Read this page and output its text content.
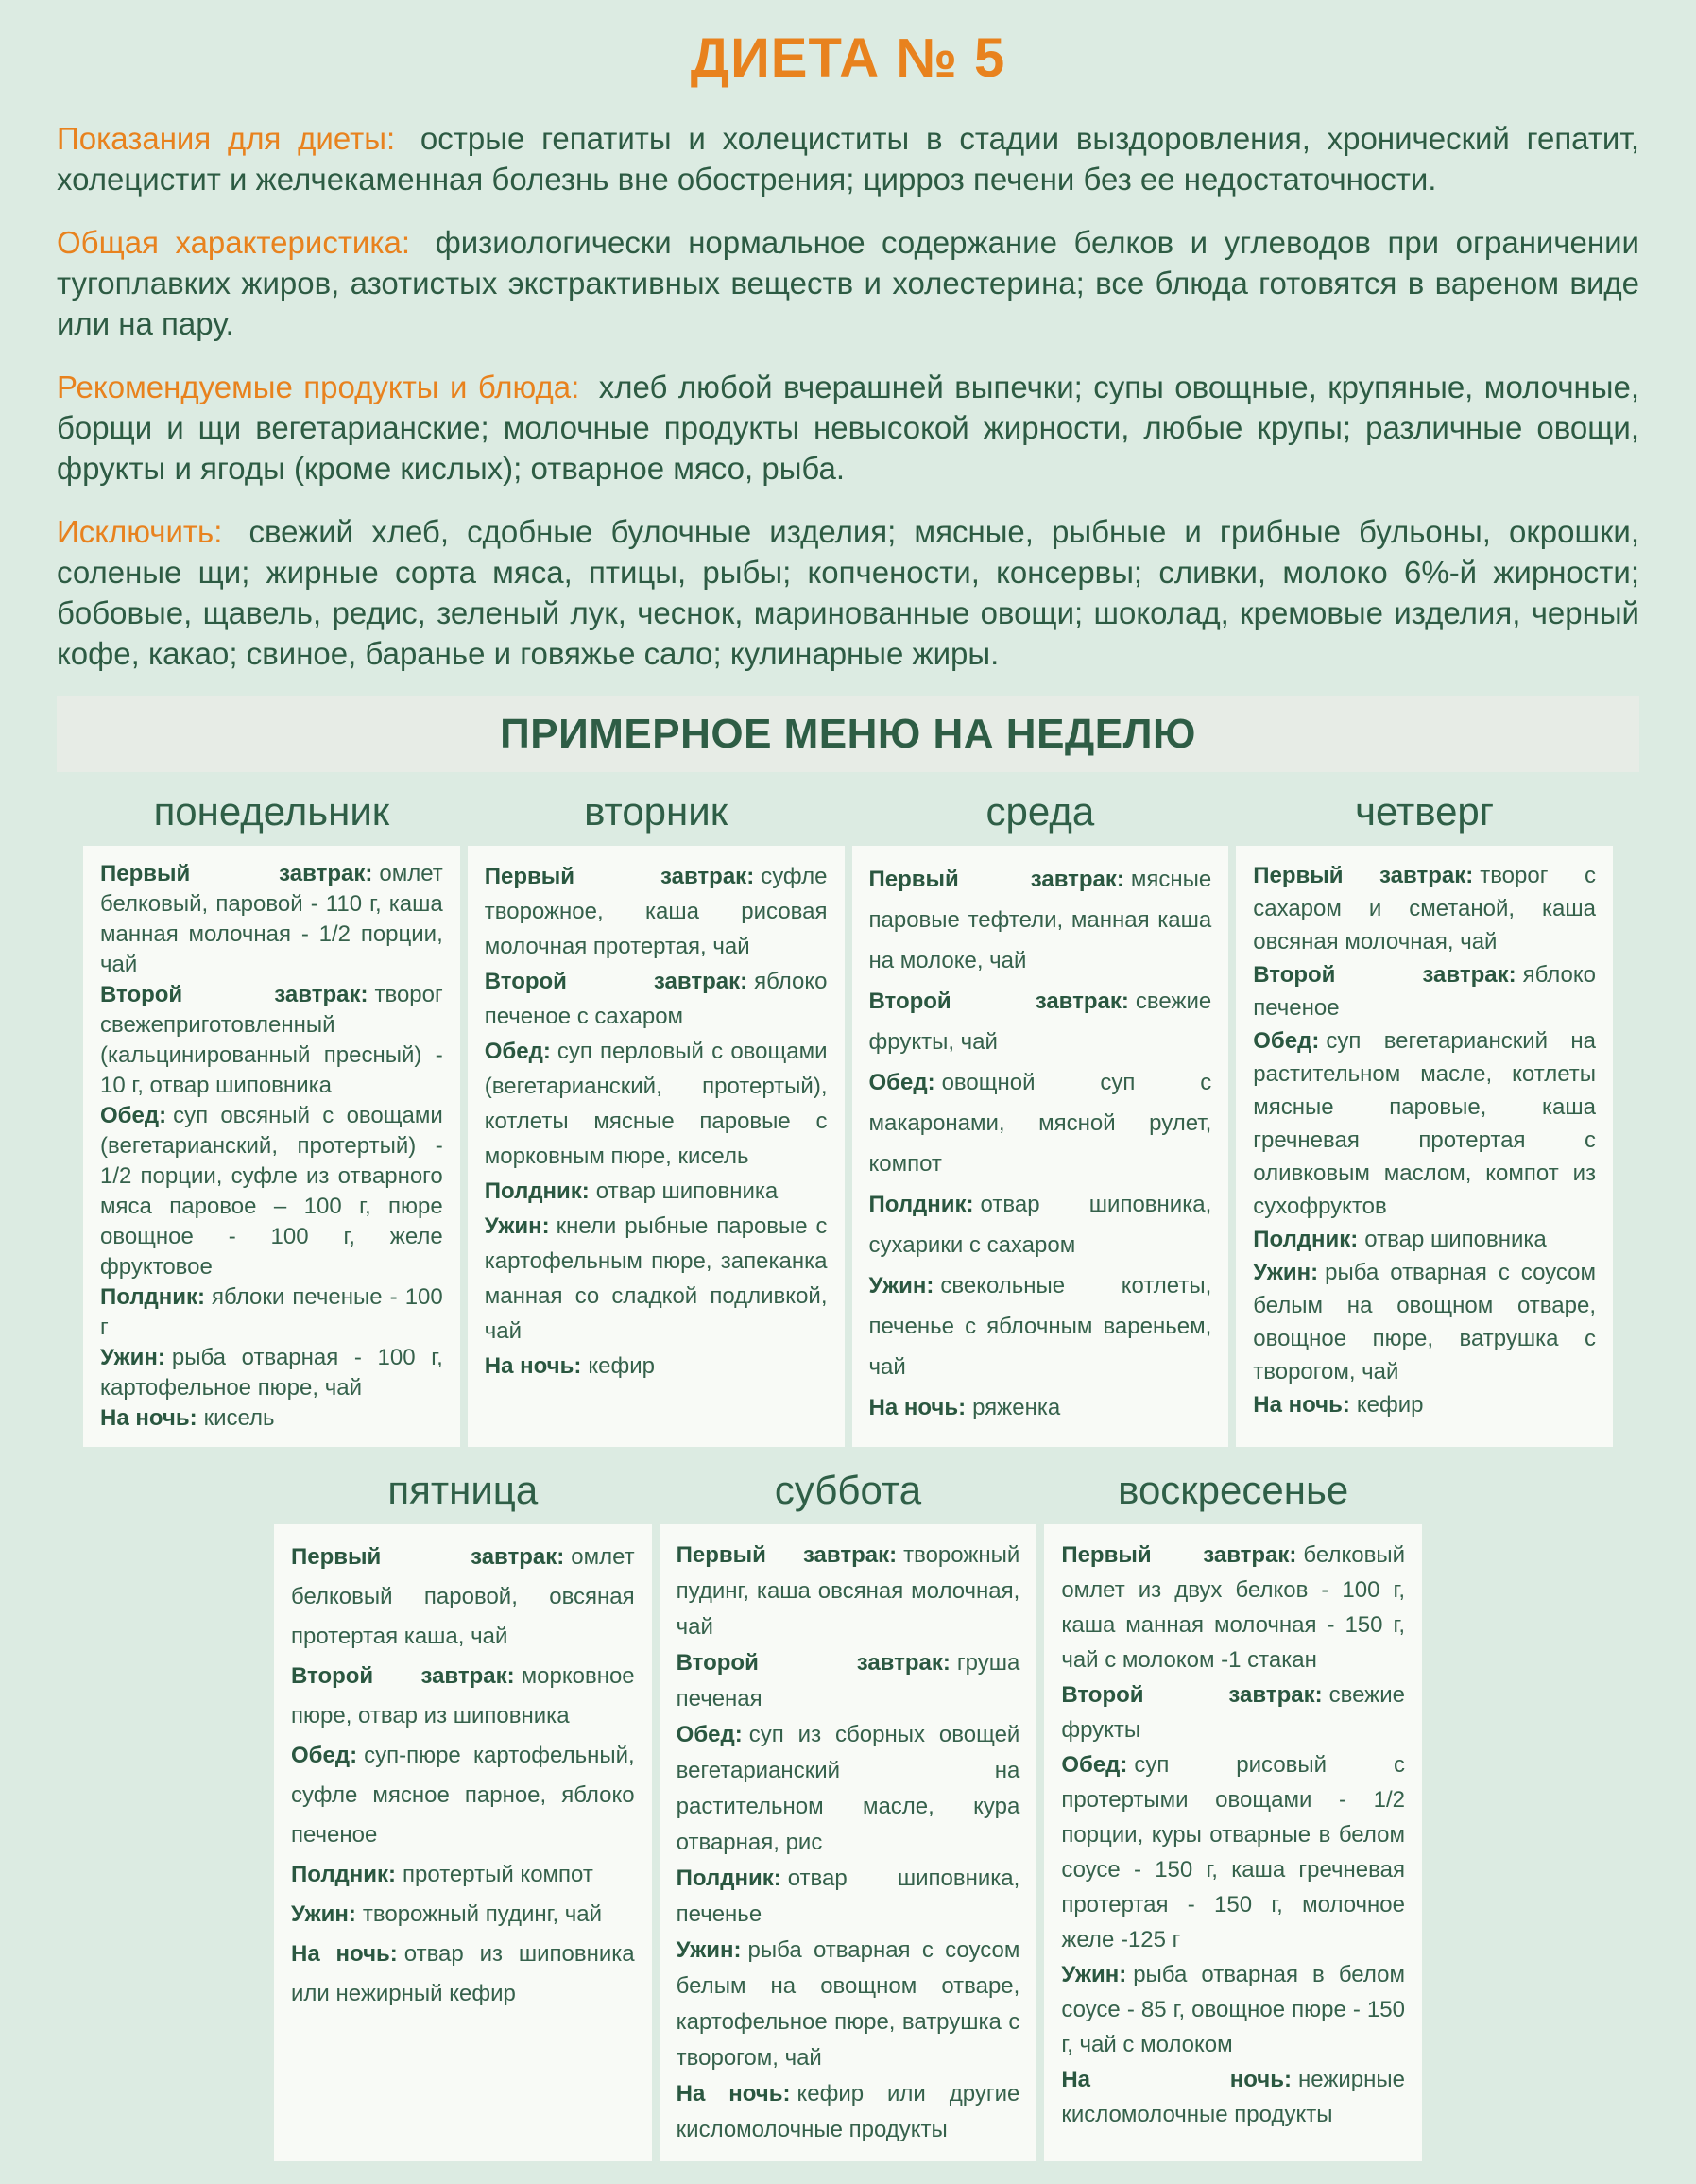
ДИЕТА № 5

Показания для диеты: острые гепатиты и холециститы в стадии выздоровления, хронический гепатит, холецистит и желчекаменная болезнь вне обострения; цирроз печени без ее недостаточности.

Общая характеристика: физиологически нормальное содержание белков и углеводов при ограничении тугоплавких жиров, азотистых экстрактивных веществ и холестерина; все блюда готовятся в вареном виде или на пару.

Рекомендуемые продукты и блюда: хлеб любой вчерашней выпечки; супы овощные, крупяные, молочные, борщи и щи вегетарианские; молочные продукты невысокой жирности, любые крупы; различные овощи, фрукты и ягоды (кроме кислых); отварное мясо, рыба.

Исключить: свежий хлеб, сдобные булочные изделия; мясные, рыбные и грибные бульоны, окрошки, соленые щи; жирные сорта мяса, птицы, рыбы; копчености, консервы; сливки, молоко 6%-й жирности; бобовые, щавель, редис, зеленый лук, чеснок, маринованные овощи; шоколад, кремовые изделия, черный кофе, какао; свиное, баранье и говяжье сало; кулинарные жиры.

ПРИМЕРНОЕ МЕНЮ НА НЕДЕЛЮ
понедельник	вторник	среда	четверг

Первый завтрак: омлет белковый, паровой - 110 г, каша манная молочная - 1/2 порции, чай

Второй завтрак: творог свежеприготовленный (кальцинированный пресный) - 10 г, отвар шиповника

Обед: суп овсяный с овощами (вегетарианский, протертый) - 1/2 порции, суфле из отварного мяса паровое – 100 г, пюре овощное - 100 г, желе фруктовое

Полдник: яблоки печеные - 100 г

Ужин: рыба отварная - 100 г, картофельное пюре, чай

На ночь: кисель

Первый завтрак: суфле творожное, каша рисовая молочная протертая, чай

Второй завтрак: яблоко печеное с сахаром

Обед: суп перловый с овощами (вегетарианский, протертый), котлеты мясные паровые с морковным пюре, кисель

Полдник: отвар шиповника

Ужин: кнели рыбные паровые с картофельным пюре, запеканка манная со сладкой подливкой, чай

На ночь: кефир

Первый завтрак: мясные паровые тефтели, манная каша на молоке, чай

Второй завтрак: свежие фрукты, чай

Обед: овощной суп с макаронами, мясной рулет, компот

Полдник: отвар шиповника, сухарики с сахаром

Ужин: свекольные котлеты, печенье с яблочным вареньем, чай

На ночь: ряженка

Первый завтрак: творог с сахаром и сметаной, каша овсяная молочная, чай

Второй завтрак: яблоко печеное

Обед: суп вегетарианский на растительном масле, котлеты мясные паровые, каша гречневая протертая с оливковым маслом, компот из сухофруктов

Полдник: отвар шиповника

Ужин: рыба отварная с соусом белым на овощном отваре, овощное пюре, ватрушка с творогом, чай

На ночь: кефир

пятница	суббота	воскресенье

Первый завтрак: омлет белковый паровой, овсяная протертая каша, чай

Второй завтрак: морковное пюре, отвар из шиповника

Обед: суп-пюре картофельный, суфле мясное парное, яблоко печеное

Полдник: протертый компот

Ужин: творожный пудинг, чай

На ночь: отвар из шиповника или нежирный кефир

Первый завтрак: творожный пудинг, каша овсяная молочная, чай

Второй завтрак: груша печеная

Обед: суп из сборных овощей вегетарианский на растительном масле, кура отварная, рис

Полдник: отвар шиповника, печенье

Ужин: рыба отварная с соусом белым на овощном отваре, картофельное пюре, ватрушка с творогом, чай

На ночь: кефир или другие кисломолочные продукты

Первый завтрак: белковый омлет из двух белков - 100 г, каша манная молочная - 150 г, чай с молоком -1 стакан

Второй завтрак: свежие фрукты

Обед: суп рисовый с протертыми овощами - 1/2 порции, куры отварные в белом соусе - 150 г, каша гречневая протертая - 150 г, молочное желе -125 г

Ужин: рыба отварная в белом соусе - 85 г, овощное пюре - 150 г, чай с молоком

На ночь: нежирные кисломолочные продукты
